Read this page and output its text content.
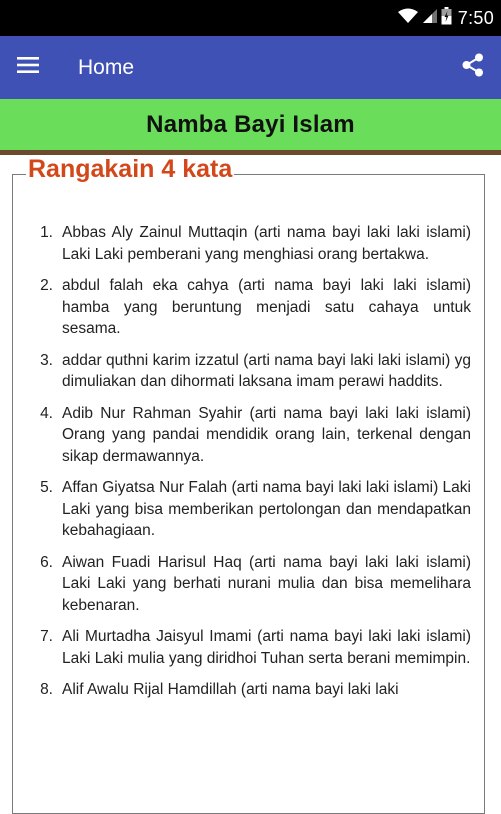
7:50
Home
Namba Bayi Islam
Rangakain 4 kata
1. Abbas Aly Zainul Muttaqin (arti nama bayi laki laki islami) Laki Laki pemberani yang menghiasi orang bertakwa.
2. abdul falah eka cahya (arti nama bayi laki laki islami) hamba yang beruntung menjadi satu cahaya untuk sesama.
3. addar quthni karim izzatul (arti nama bayi laki laki islami) yg dimuliakan dan dihormati laksana imam perawi haddits.
4. Adib Nur Rahman Syahir (arti nama bayi laki laki islami) Orang yang pandai mendidik orang lain, terkenal dengan sikap dermawannya.
5. Affan Giyatsa Nur Falah (arti nama bayi laki laki islami) Laki Laki yang bisa memberikan pertolongan dan mendapatkan kebahagiaan.
6. Aiwan Fuadi Harisul Haq (arti nama bayi laki laki islami) Laki Laki yang berhati nurani mulia dan bisa memelihara kebenaran.
7. Ali Murtadha Jaisyul Imami (arti nama bayi laki laki islami) Laki Laki mulia yang diridhoi Tuhan serta berani memimpin.
8. Alif Awalu Rijal Hamdillah (arti nama bayi laki laki
